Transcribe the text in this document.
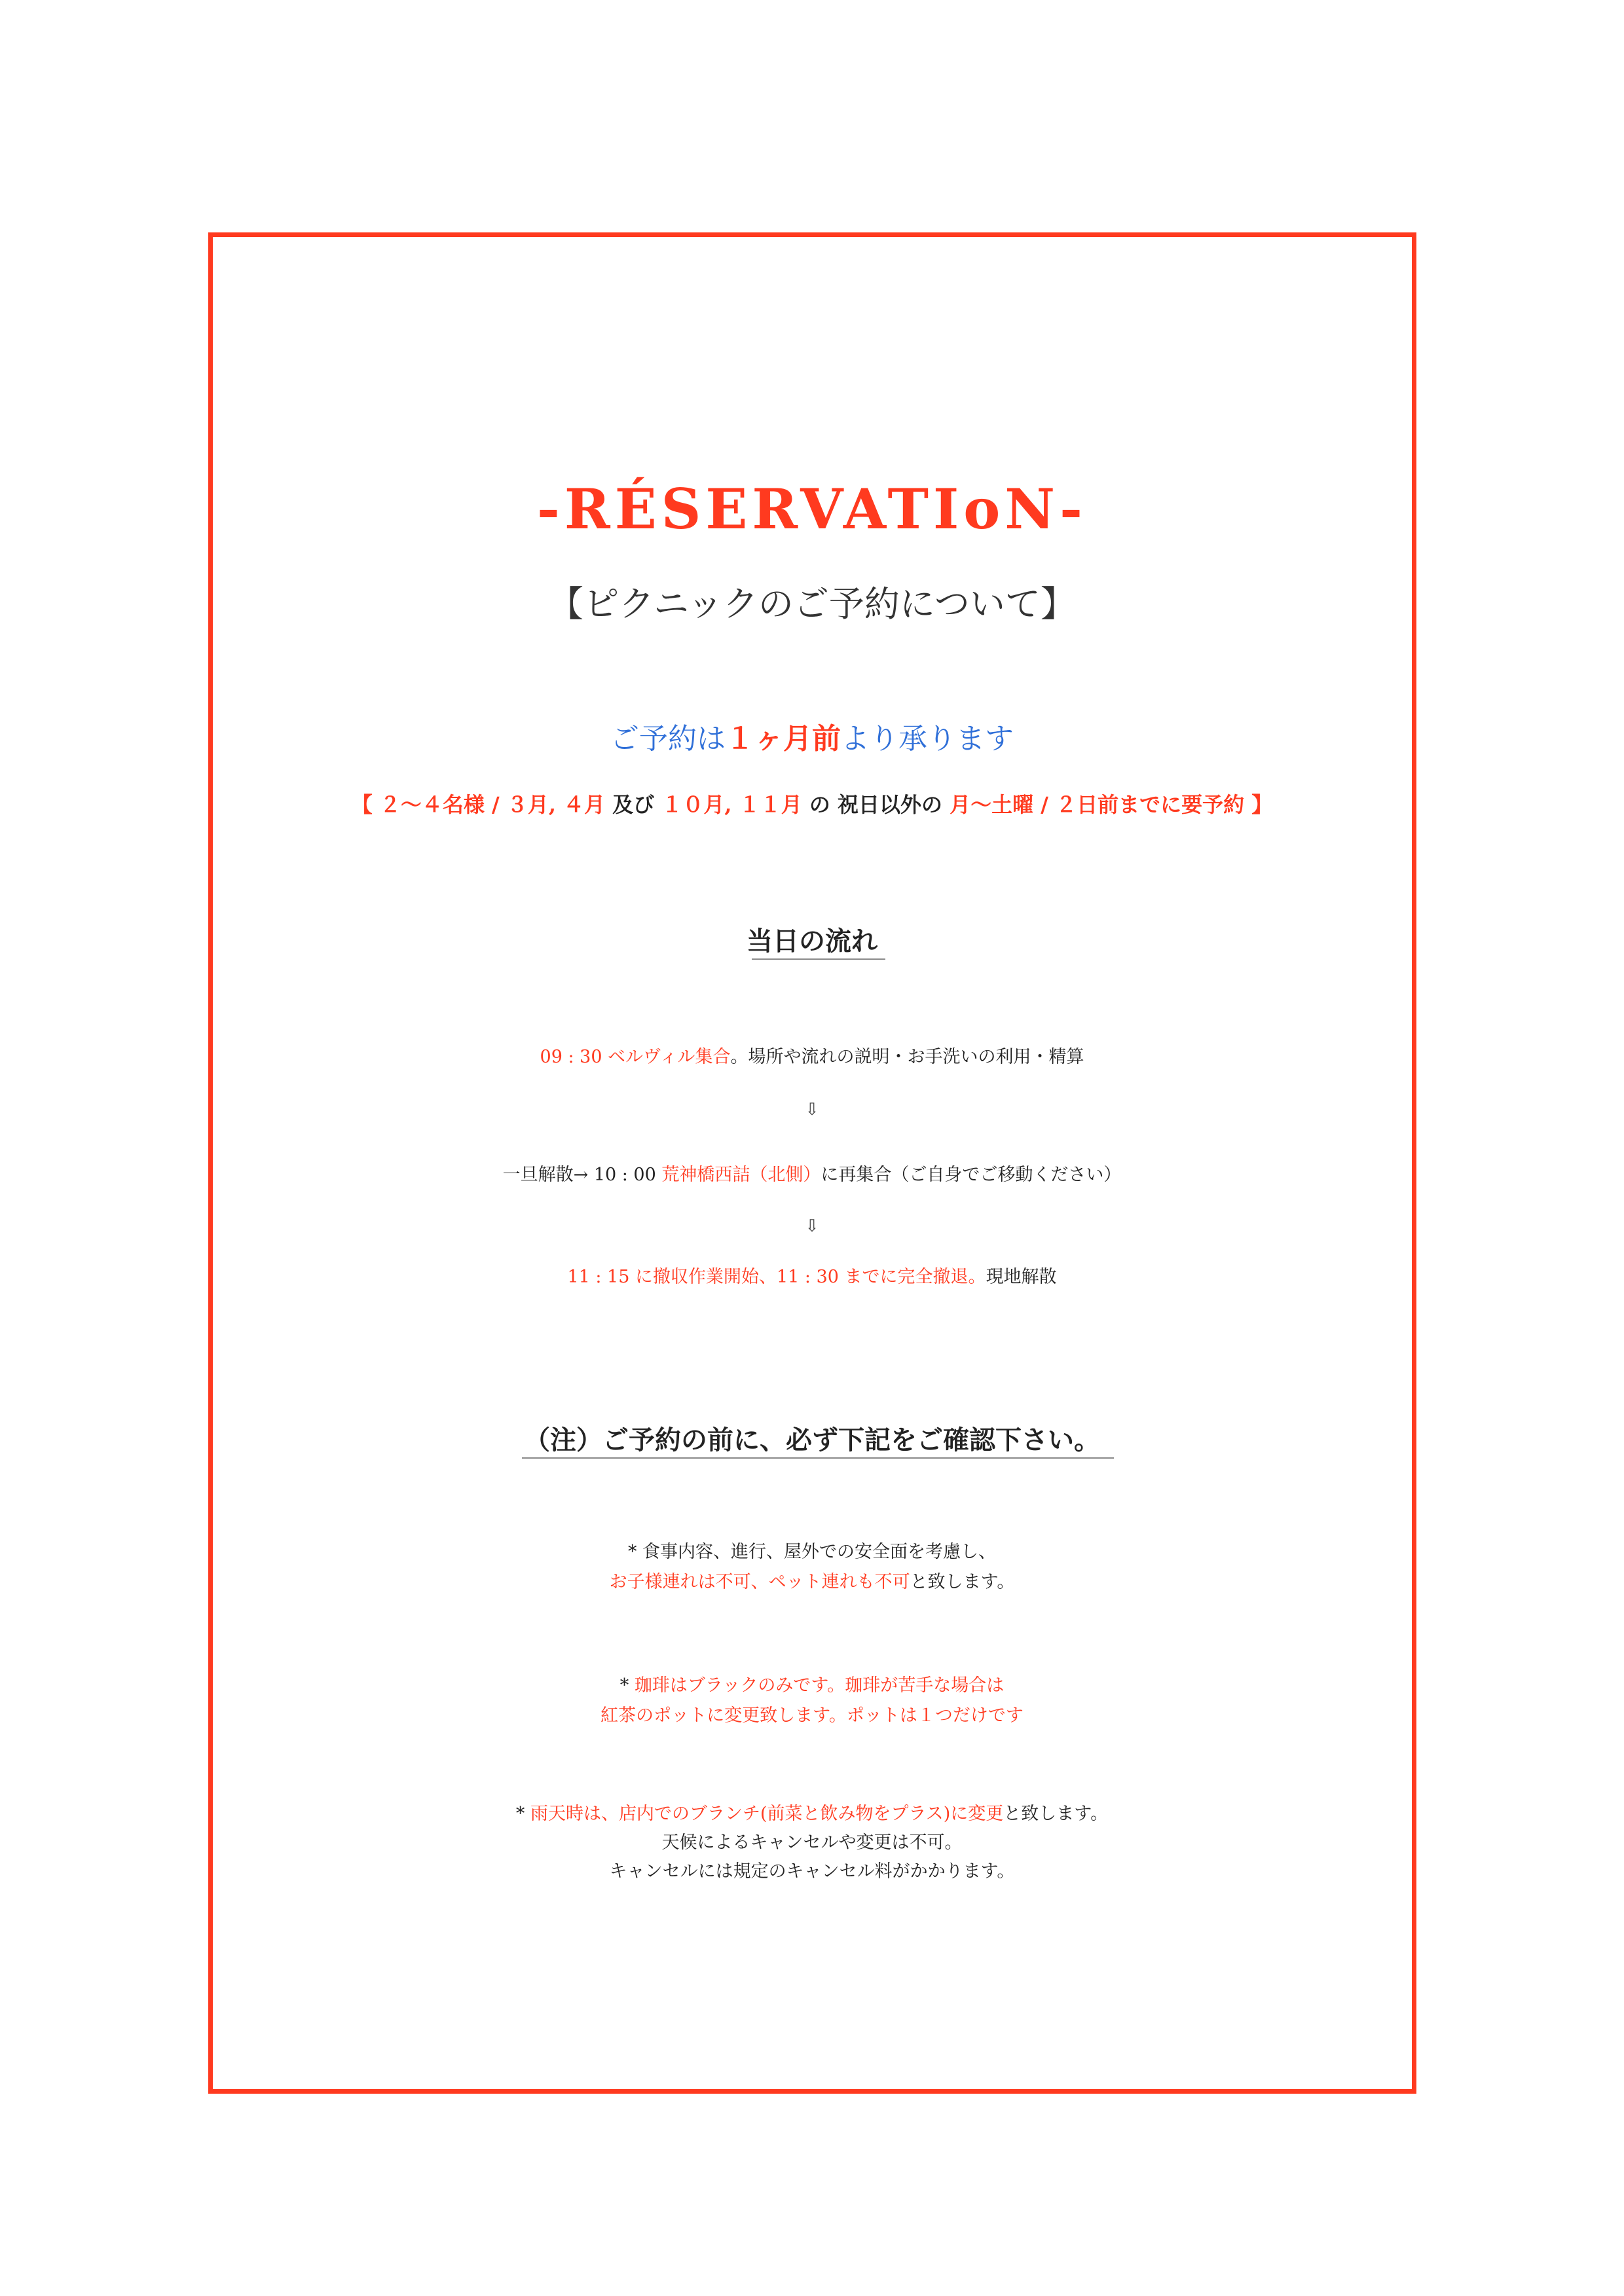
-RÉSERVATIoN-
【ピクニックのご予約について】
ご予約は１ヶ月前より承ります
【 ２〜４名様 / ３月, ４月 及び １０月, １１月 の 祝日以外の 月〜土曜 / ２日前までに要予約 】
当日の流れ
09 : 30 ベルヴィル集合。場所や流れの説明・お手洗いの利用・精算
⇩
一旦解散→ 10 : 00 荒神橋西詰（北側）に再集合（ご自身でご移動ください）
⇩
11 : 15 に撤収作業開始、11 : 30 までに完全撤退。現地解散
（注）ご予約の前に、必ず下記をご確認下さい。
* 食事内容、進行、屋外での安全面を考慮し、
お子様連れは不可、ペット連れも不可と致します。
* 珈琲はブラックのみです。珈琲が苦手な場合は
紅茶のポットに変更致します。ポットは１つだけです
* 雨天時は、店内でのブランチ(前菜と飲み物をプラス)に変更と致します。
天候によるキャンセルや変更は不可。
キャンセルには規定のキャンセル料がかかります。
